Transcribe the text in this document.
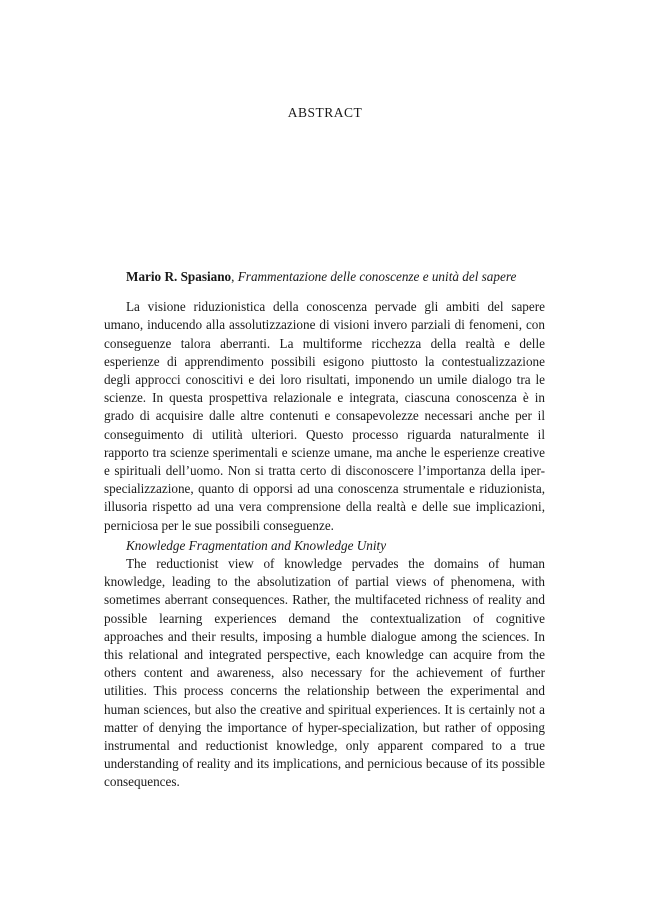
ABSTRACT

Mario R. Spasiano, Frammentazione delle conoscenze e unità del sapere

La visione riduzionistica della conoscenza pervade gli ambiti del sapere umano, inducendo alla assolutizzazione di visioni invero parziali di fenomeni, con conseguenze talora aberranti. La multiforme ricchezza della realtà e delle esperienze di apprendimento possibili esigono piuttosto la contestualizzazione degli approcci conoscitivi e dei loro risultati, imponendo un umile dialogo tra le scienze. In questa prospettiva relazionale e integrata, ciascuna conoscenza è in grado di acquisire dalle altre contenuti e consapevolezze necessari anche per il conseguimento di utilità ulteriori. Questo processo riguarda naturalmente il rapporto tra scienze sperimentali e scienze umane, ma anche le esperienze creative e spirituali dell’uomo. Non si tratta certo di disconoscere l’importanza della iper-specializzazione, quanto di opporsi ad una conoscenza strumentale e riduzionista, illusoria rispetto ad una vera comprensione della realtà e delle sue implicazioni, perniciosa per le sue possibili conseguenze.

Knowledge Fragmentation and Knowledge Unity

The reductionist view of knowledge pervades the domains of human knowledge, leading to the absolutization of partial views of phenomena, with sometimes aberrant consequences. Rather, the multifaceted richness of reality and possible learning experiences demand the contextualization of cognitive approaches and their results, imposing a humble dialogue among the sciences. In this relational and integrated perspective, each knowledge can acquire from the others content and awareness, also necessary for the achievement of further utilities. This process concerns the relationship between the experimental and human sciences, but also the creative and spiritual experiences. It is certainly not a matter of denying the importance of hyper-specialization, but rather of opposing instrumental and reductionist knowledge, only apparent compared to a true understanding of reality and its implications, and pernicious because of its possible consequences.
